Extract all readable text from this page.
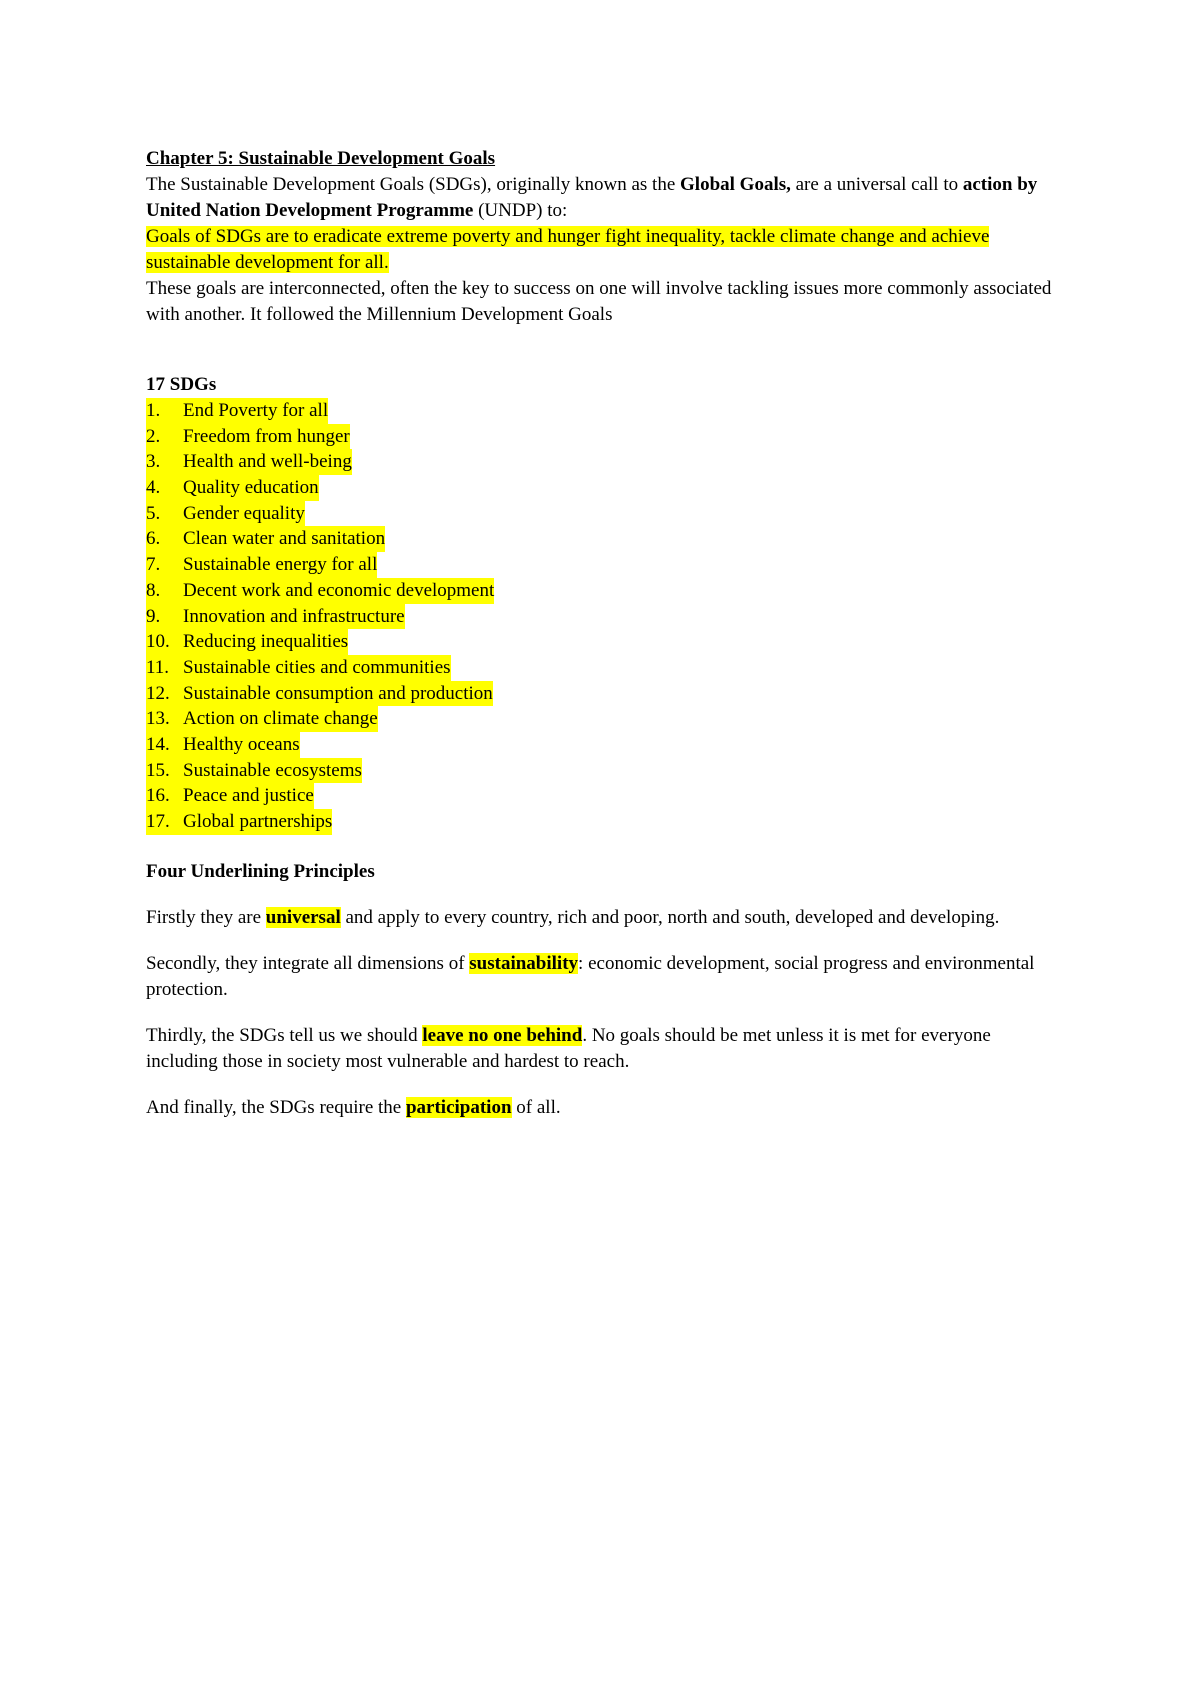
Chapter 5: Sustainable Development Goals
The Sustainable Development Goals (SDGs), originally known as the Global Goals, are a universal call to action by United Nation Development Programme (UNDP) to:
Goals of SDGs are to eradicate extreme poverty and hunger fight inequality, tackle climate change and achieve sustainable development for all.
These goals are interconnected, often the key to success on one will involve tackling issues more commonly associated with another. It followed the Millennium Development Goals
17 SDGs
1. End Poverty for all
2. Freedom from hunger
3. Health and well-being
4. Quality education
5. Gender equality
6. Clean water and sanitation
7. Sustainable energy for all
8. Decent work and economic development
9. Innovation and infrastructure
10. Reducing inequalities
11. Sustainable cities and communities
12. Sustainable consumption and production
13. Action on climate change
14. Healthy oceans
15. Sustainable ecosystems
16. Peace and justice
17. Global partnerships
Four Underlining Principles
Firstly they are universal and apply to every country, rich and poor, north and south, developed and developing.
Secondly, they integrate all dimensions of sustainability: economic development, social progress and environmental protection.
Thirdly, the SDGs tell us we should leave no one behind. No goals should be met unless it is met for everyone including those in society most vulnerable and hardest to reach.
And finally, the SDGs require the participation of all.
